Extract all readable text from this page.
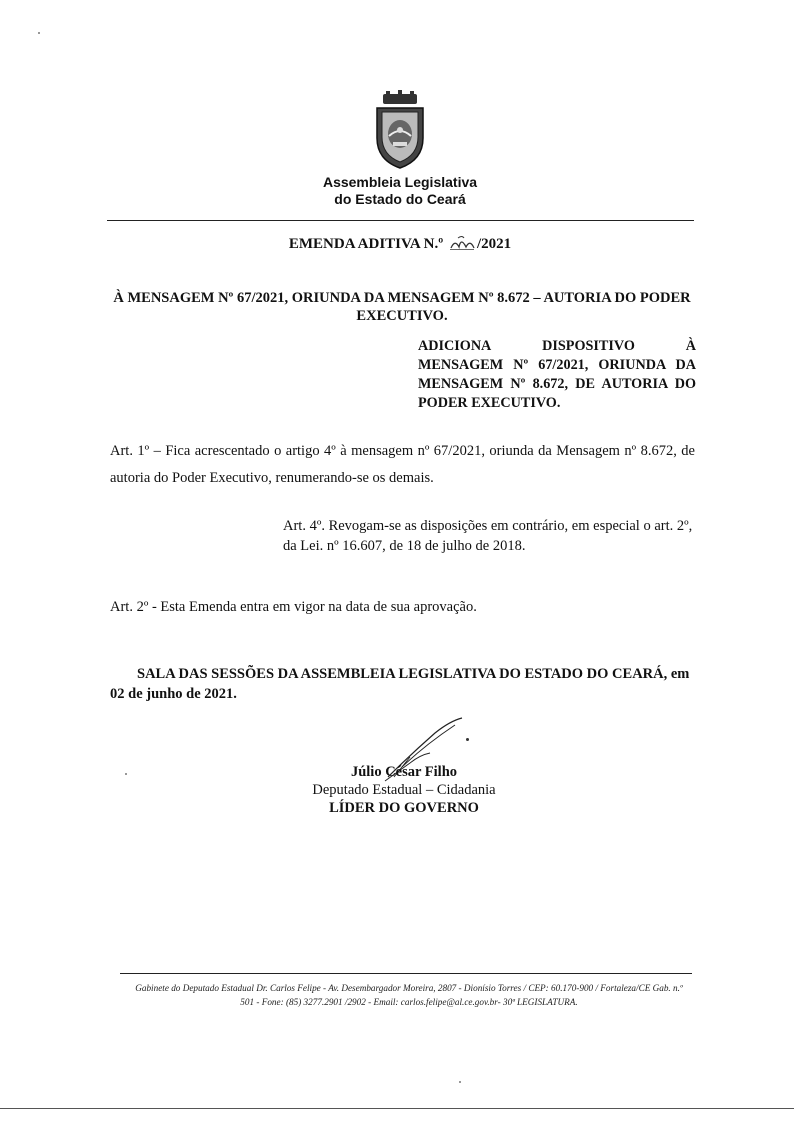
Assembleia Legislativa
do Estado do Ceará
EMENDA ADITIVA N.º /2021
À MENSAGEM Nº 67/2021, ORIUNDA DA MENSAGEM Nº 8.672 – AUTORIA DO PODER
EXECUTIVO.
ADICIONA	DISPOSITIVO	À
MENSAGEM Nº 67/2021, ORIUNDA DA MENSAGEM Nº 8.672, DE AUTORIA DO PODER EXECUTIVO.
Art. 1º – Fica acrescentado o artigo 4º à mensagem nº 67/2021, oriunda da Mensagem nº 8.672, de
autoria do Poder Executivo, renumerando-se os demais.
Art. 4º. Revogam-se as disposições em contrário, em especial o art. 2º,
da Lei. nº 16.607, de 18 de julho de 2018.
Art. 2º - Esta Emenda entra em vigor na data de sua aprovação.
SALA DAS SESSÕES DA ASSEMBLEIA LEGISLATIVA DO ESTADO DO CEARÁ, em
02 de junho de 2021.
Júlio César Filho
Deputado Estadual – Cidadania
LÍDER DO GOVERNO
Gabinete do Deputado Estadual Dr. Carlos Felipe - Av. Desembargador Moreira, 2807 - Dionísio Torres / CEP: 60.170-900 / Fortaleza/CE Gab. n.º
501 - Fone: (85) 3277.2901 /2902 - Email: carlos.felipe@al.ce.gov.br- 30ª LEGISLATURA.
